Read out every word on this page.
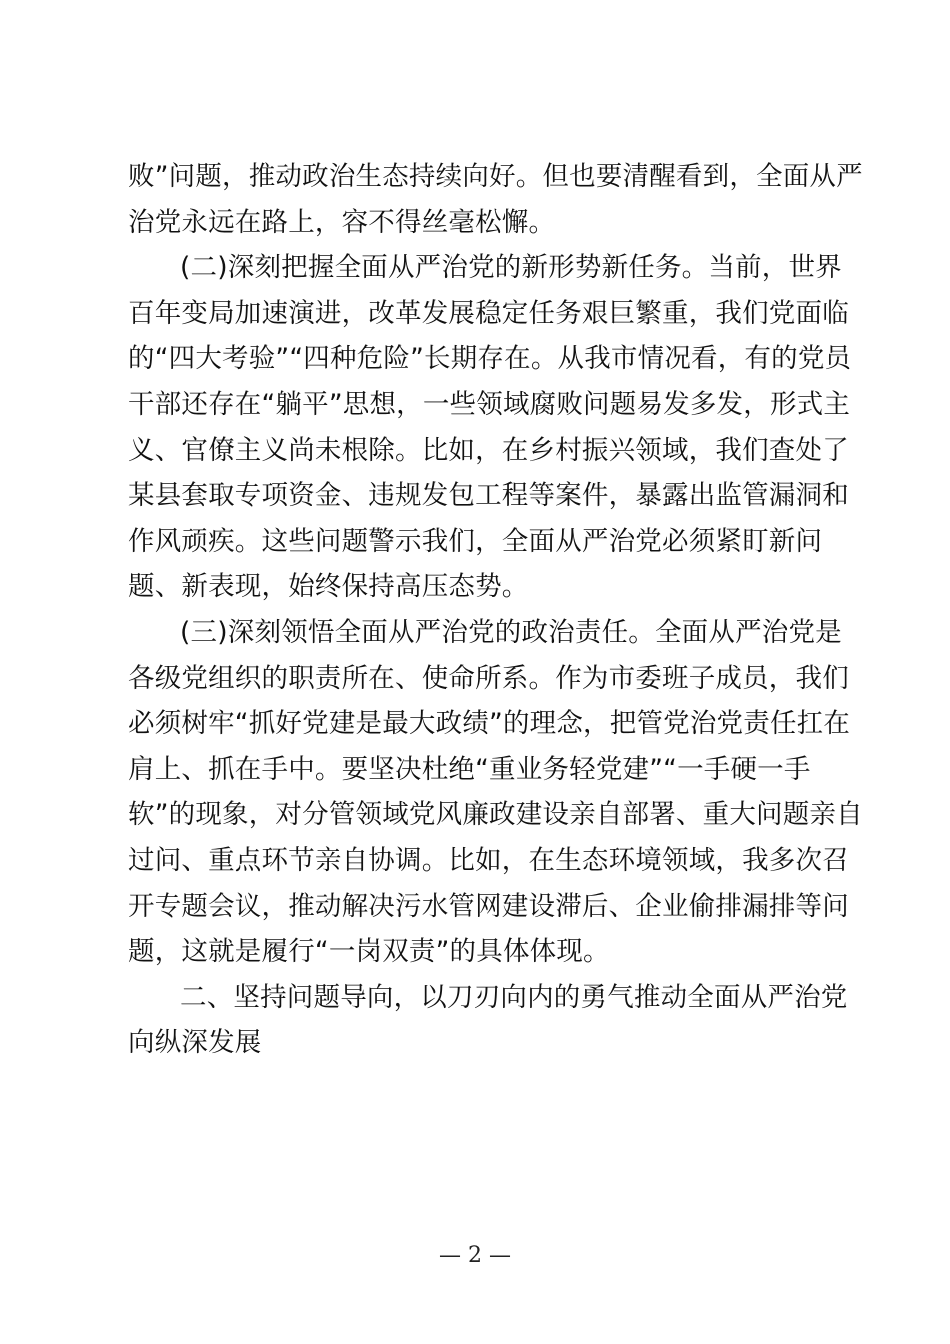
败”问题，推动政治生态持续向好。但也要清醒看到，全面从严
治党永远在路上，容不得丝毫松懈。
(二)深刻把握全面从严治党的新形势新任务。当前，世界
百年变局加速演进，改革发展稳定任务艰巨繁重，我们党面临
的“四大考验”“四种危险”长期存在。从我市情况看，有的党员
干部还存在“躺平”思想，一些领域腐败问题易发多发，形式主
义、官僚主义尚未根除。比如，在乡村振兴领域，我们查处了
某县套取专项资金、违规发包工程等案件，暴露出监管漏洞和
作风顽疾。这些问题警示我们，全面从严治党必须紧盯新问
题、新表现，始终保持高压态势。
(三)深刻领悟全面从严治党的政治责任。全面从严治党是
各级党组织的职责所在、使命所系。作为市委班子成员，我们
必须树牢“抓好党建是最大政绩”的理念，把管党治党责任扛在
肩上、抓在手中。要坚决杜绝“重业务轻党建”“一手硬一手
软”的现象，对分管领域党风廉政建设亲自部署、重大问题亲自
过问、重点环节亲自协调。比如，在生态环境领域，我多次召
开专题会议，推动解决污水管网建设滞后、企业偷排漏排等问
题，这就是履行“一岗双责”的具体体现。
二、坚持问题导向，以刀刃向内的勇气推动全面从严治党
向纵深发展
— 2 —
